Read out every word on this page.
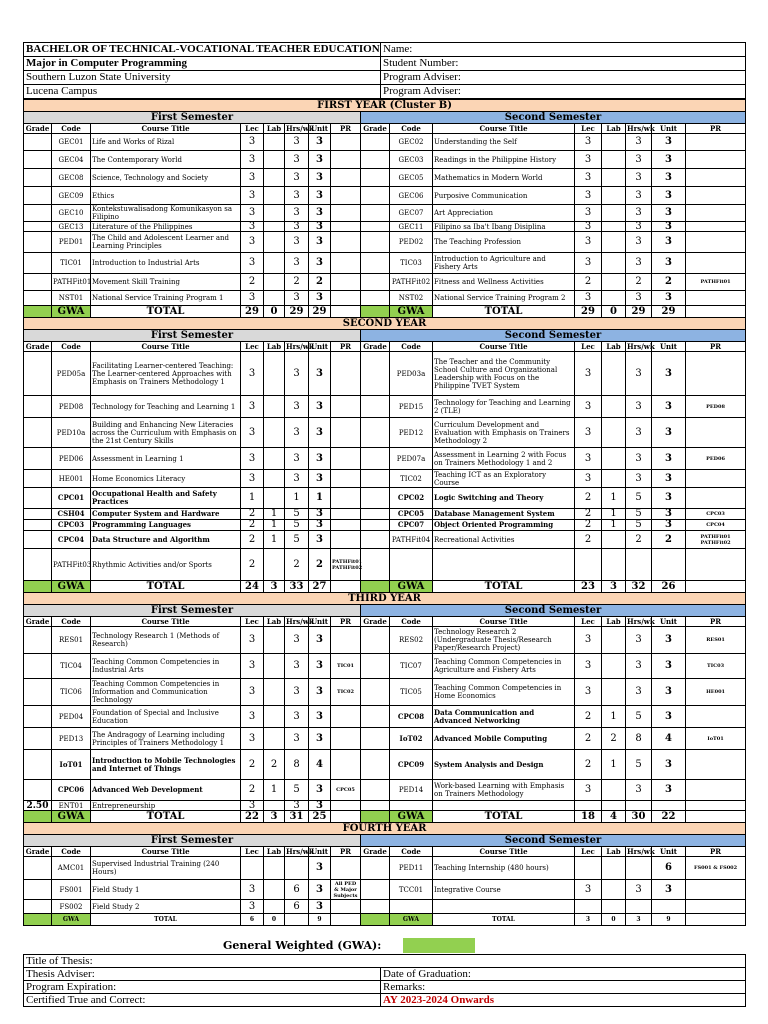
BACHELOR OF TECHNICAL-VOCATIONAL TEACHER EDUCATION	Name:
Major in Computer Programming	Student Number:
Southern Luzon State University	Program Adviser:
Lucena Campus	Program Adviser:
FIRST YEAR (Cluster B)															
First Semester								Second Semester							
Grade	Code	Course Title	Lec	Lab	Hrs/wk	Unit	PR	Grade	Code	Course Title	Lec	Lab	Hrs/wk	Unit	PR
	GEC01	Life and Works of Rizal	3		3	3			GEC02	Understanding the Self	3		3	3	
	GEC04	The Contemporary World	3		3	3			GEC03	Readings in the Philippine History	3		3	3	
	GEC08	Science, Technology and Society	3		3	3			GEC05	Mathematics in Modern World	3		3	3	
	GEC09	Ethics	3		3	3			GEC06	Purposive Communication	3		3	3	
	GEC10	Kontekstuwalisadong Komunikasyon sa Filipino	3		3	3			GEC07	Art Appreciation	3		3	3	
	GEC13	Literature of the Philippines	3		3	3			GEC11	Filipino sa Iba't Ibang Disiplina	3		3	3	
	PED01	The Child and Adolescent Learner and Learning Principles	3		3	3			PED02	The Teaching Profession	3		3	3	
	TIC01	Introduction to Industrial Arts	3		3	3			TIC03	Introduction to Agriculture and Fishery Arts	3		3	3	
	PATHFit01	Movement Skill Training	2		2	2			PATHFit02	Fitness and Wellness Activities	2		2	2	PATHFit01
	NST01	National Service Training Program 1	3		3	3			NST02	National Service Training Program 2	3		3	3	
	GWA	TOTAL	29	0	29	29			GWA	TOTAL	29	0	29	29	
SECOND YEAR															
First Semester								Second Semester							
Grade	Code	Course Title	Lec	Lab	Hrs/wk	Unit	PR	Grade	Code	Course Title	Lec	Lab	Hrs/wk	Unit	PR
	PED05a	Facilitating Learner-centered Teaching: The Learner-centered Approaches with Emphasis on Trainers Methodology 1	3		3	3			PED03a	The Teacher and the Community School Culture and Organizational Leadership with Focus on the Philippine TVET System	3		3	3	
	PED08	Technology for Teaching and Learning 1	3		3	3			PED15	Technology for Teaching and Learning 2 (TLE)	3		3	3	PED08
	PED10a	Building and Enhancing New Literacies across the Curriculum with Emphasis on the 21st Century Skills	3		3	3			PED12	Curriculum Development and Evaluation with Emphasis on Trainers Methodology 2	3		3	3	
	PED06	Assessment in Learning 1	3		3	3			PED07a	Assessment in Learning 2 with Focus on Trainers Methodology 1 and 2	3		3	3	PED06
	HE001	Home Economics Literacy	3		3	3			TIC02	Teaching ICT as an Exploratory Course	3		3	3	
	CPC01	Occupational Health and Safety Practices	1		1	1			CPC02	Logic Switching and Theory	2	1	5	3	
	CSH04	Computer System and Hardware	2	1	5	3			CPC05	Database Management System	2	1	5	3	CPC03
	CPC03	Programming Languages	2	1	5	3			CPC07	Object Oriented Programming	2	1	5	3	CPC04
	CPC04	Data Structure and Algorithm	2	1	5	3			PATHFit04	Recreational Activities	2		2	2	PATHFit01 PATHFit02
	PATHFit03	Rhythmic Activities and/or Sports	2		2	2	PATHFit01 PATHFit02								
	GWA	TOTAL	24	3	33	27			GWA	TOTAL	23	3	32	26	
THIRD YEAR															
First Semester								Second Semester							
Grade	Code	Course Title	Lec	Lab	Hrs/wk	Unit	PR	Grade	Code	Course Title	Lec	Lab	Hrs/wk	Unit	PR
	RES01	Technology Research 1 (Methods of Research)	3		3	3			RES02	Technology Research 2 (Undergraduate Thesis/Research Paper/Research Project)	3		3	3	RES01
	TIC04	Teaching Common Competencies in Industrial Arts	3		3	3	TIC01		TIC07	Teaching Common Competencies in Agriculture and Fishery Arts	3		3	3	TIC03
	TIC06	Teaching Common Competencies in Information and Communication Technology	3		3	3	TIC02		TIC05	Teaching Common Competencies in Home Economics	3		3	3	HE001
	PED04	Foundation of Special and Inclusive Education	3		3	3			CPC08	Data Communication and Advanced Networking	2	1	5	3	
	PED13	The Andragogy of Learning including Principles of Trainers Methodology 1	3		3	3			IoT02	Advanced Mobile Computing	2	2	8	4	IoT01
	IoT01	Introduction to Mobile Technologies and Internet of Things	2	2	8	4			CPC09	System Analysis and Design	2	1	5	3	
	CPC06	Advanced Web Development	2	1	5	3	CPC05		PED14	Work-based Learning with Emphasis on Trainers Methodology	3		3	3	
2.50	ENT01	Entrepreneurship	3		3	3									
	GWA	TOTAL	22	3	31	25			GWA	TOTAL	18	4	30	22	
FOURTH YEAR															
First Semester								Second Semester							
Grade	Code	Course Title	Lec	Lab	Hrs/wk	Unit	PR	Grade	Code	Course Title	Lec	Lab	Hrs/wk	Unit	PR
	AMC01	Supervised Industrial Training (240 Hours)				3			PED11	Teaching Internship (480 hours)				6	FS001 & FS002
	FS001	Field Study 1	3		6	3	All PED & Major Subjects		TCC01	Integrative Course	3		3	3	
	FS002	Field Study 2	3		6	3									
	GWA	TOTAL	6	0		9			GWA	TOTAL	3	0	3	9	
General Weighted (GWA):
Title of Thesis:	
Thesis Adviser:	Date of Graduation:
Program Expiration:	Remarks:
Certified True and Correct:	AY 2023-2024 Onwards
